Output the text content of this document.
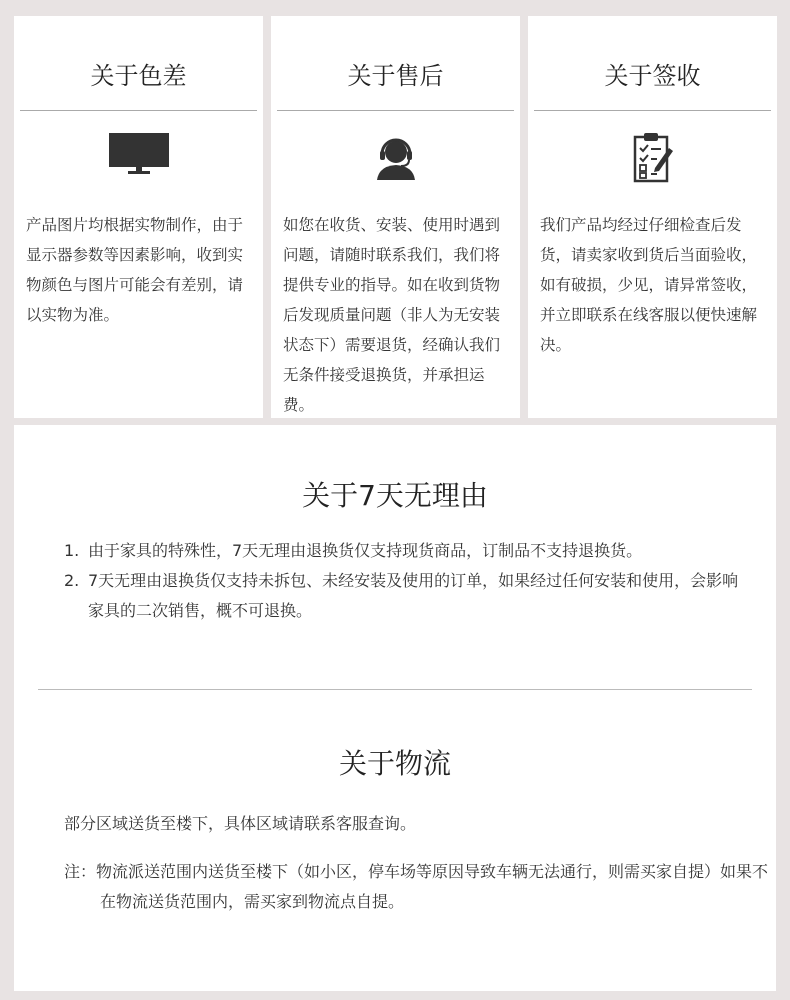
关于色差

产品图片均根据实物制作，由于显示器参数等因素影响，收到实物颜色与图片可能会有差别，请以实物为准。

关于售后

如您在收货、安装、使用时遇到问题，请随时联系我们，我们将提供专业的指导。如在收到货物后发现质量问题（非人为无安装状态下）需要退货，经确认我们无条件接受退换货，并承担运费。

关于签收

我们产品均经过仔细检查后发货，请卖家收到货后当面验收，如有破损，少见，请异常签收，并立即联系在线客服以便快速解决。

关于7天无理由
1. 由于家具的特殊性，7天无理由退换货仅支持现货商品，订制品不支持退换货。
2. 7天无理由退换货仅支持未拆包、未经安装及使用的订单，如果经过任何安装和使用，会影响家具的二次销售，概不可退换。
关于物流

部分区域送货至楼下，具体区域请联系客服查询。

注：物流派送范围内送货至楼下（如小区，停车场等原因导致车辆无法通行，则需买家自提）如果不在物流送货范围内，需买家到物流点自提。
